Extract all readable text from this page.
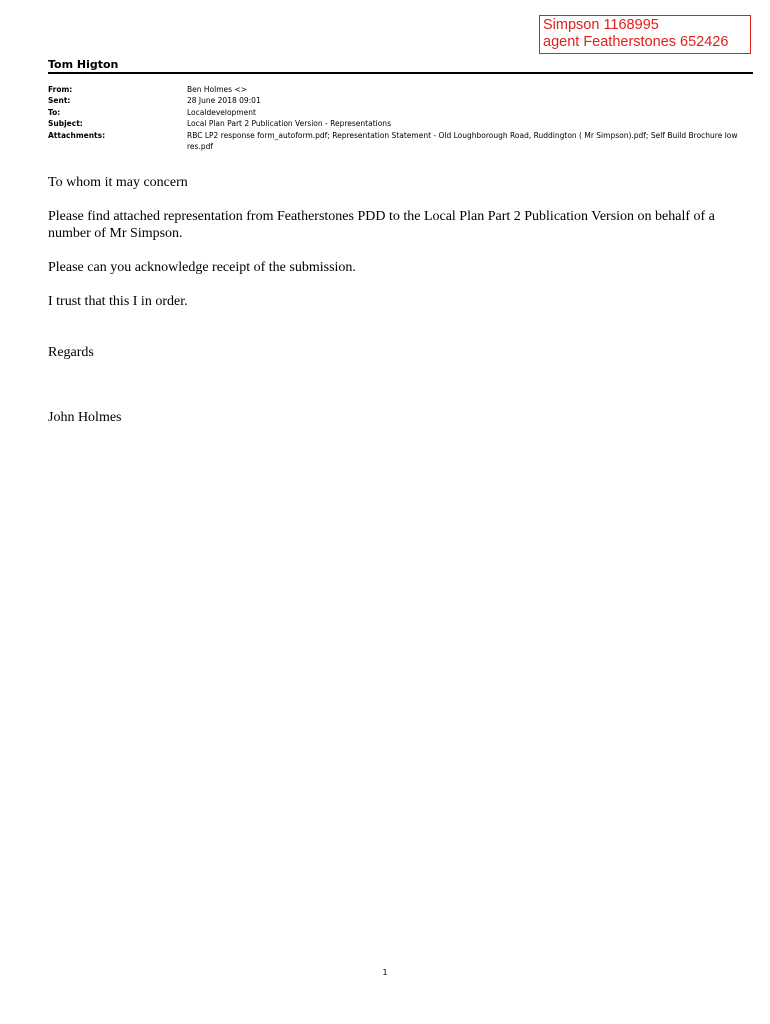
Simpson 1168995
agent Featherstones 652426
Tom Higton
From:	Ben Holmes <>
Sent:	28 June 2018 09:01
To:	Localdevelopment
Subject:	Local Plan Part 2 Publication Version - Representations
Attachments:	RBC LP2 response form_autoform.pdf; Representation Statement - Old Loughborough Road, Ruddington ( Mr Simpson).pdf; Self Build Brochure low res.pdf

To whom it may concern

Please find attached representation from Featherstones PDD to the Local Plan Part 2 Publication Version on behalf of a number of Mr Simpson.

Please can you acknowledge receipt of the submission.

I trust that this I in order.

Regards

John Holmes

1
